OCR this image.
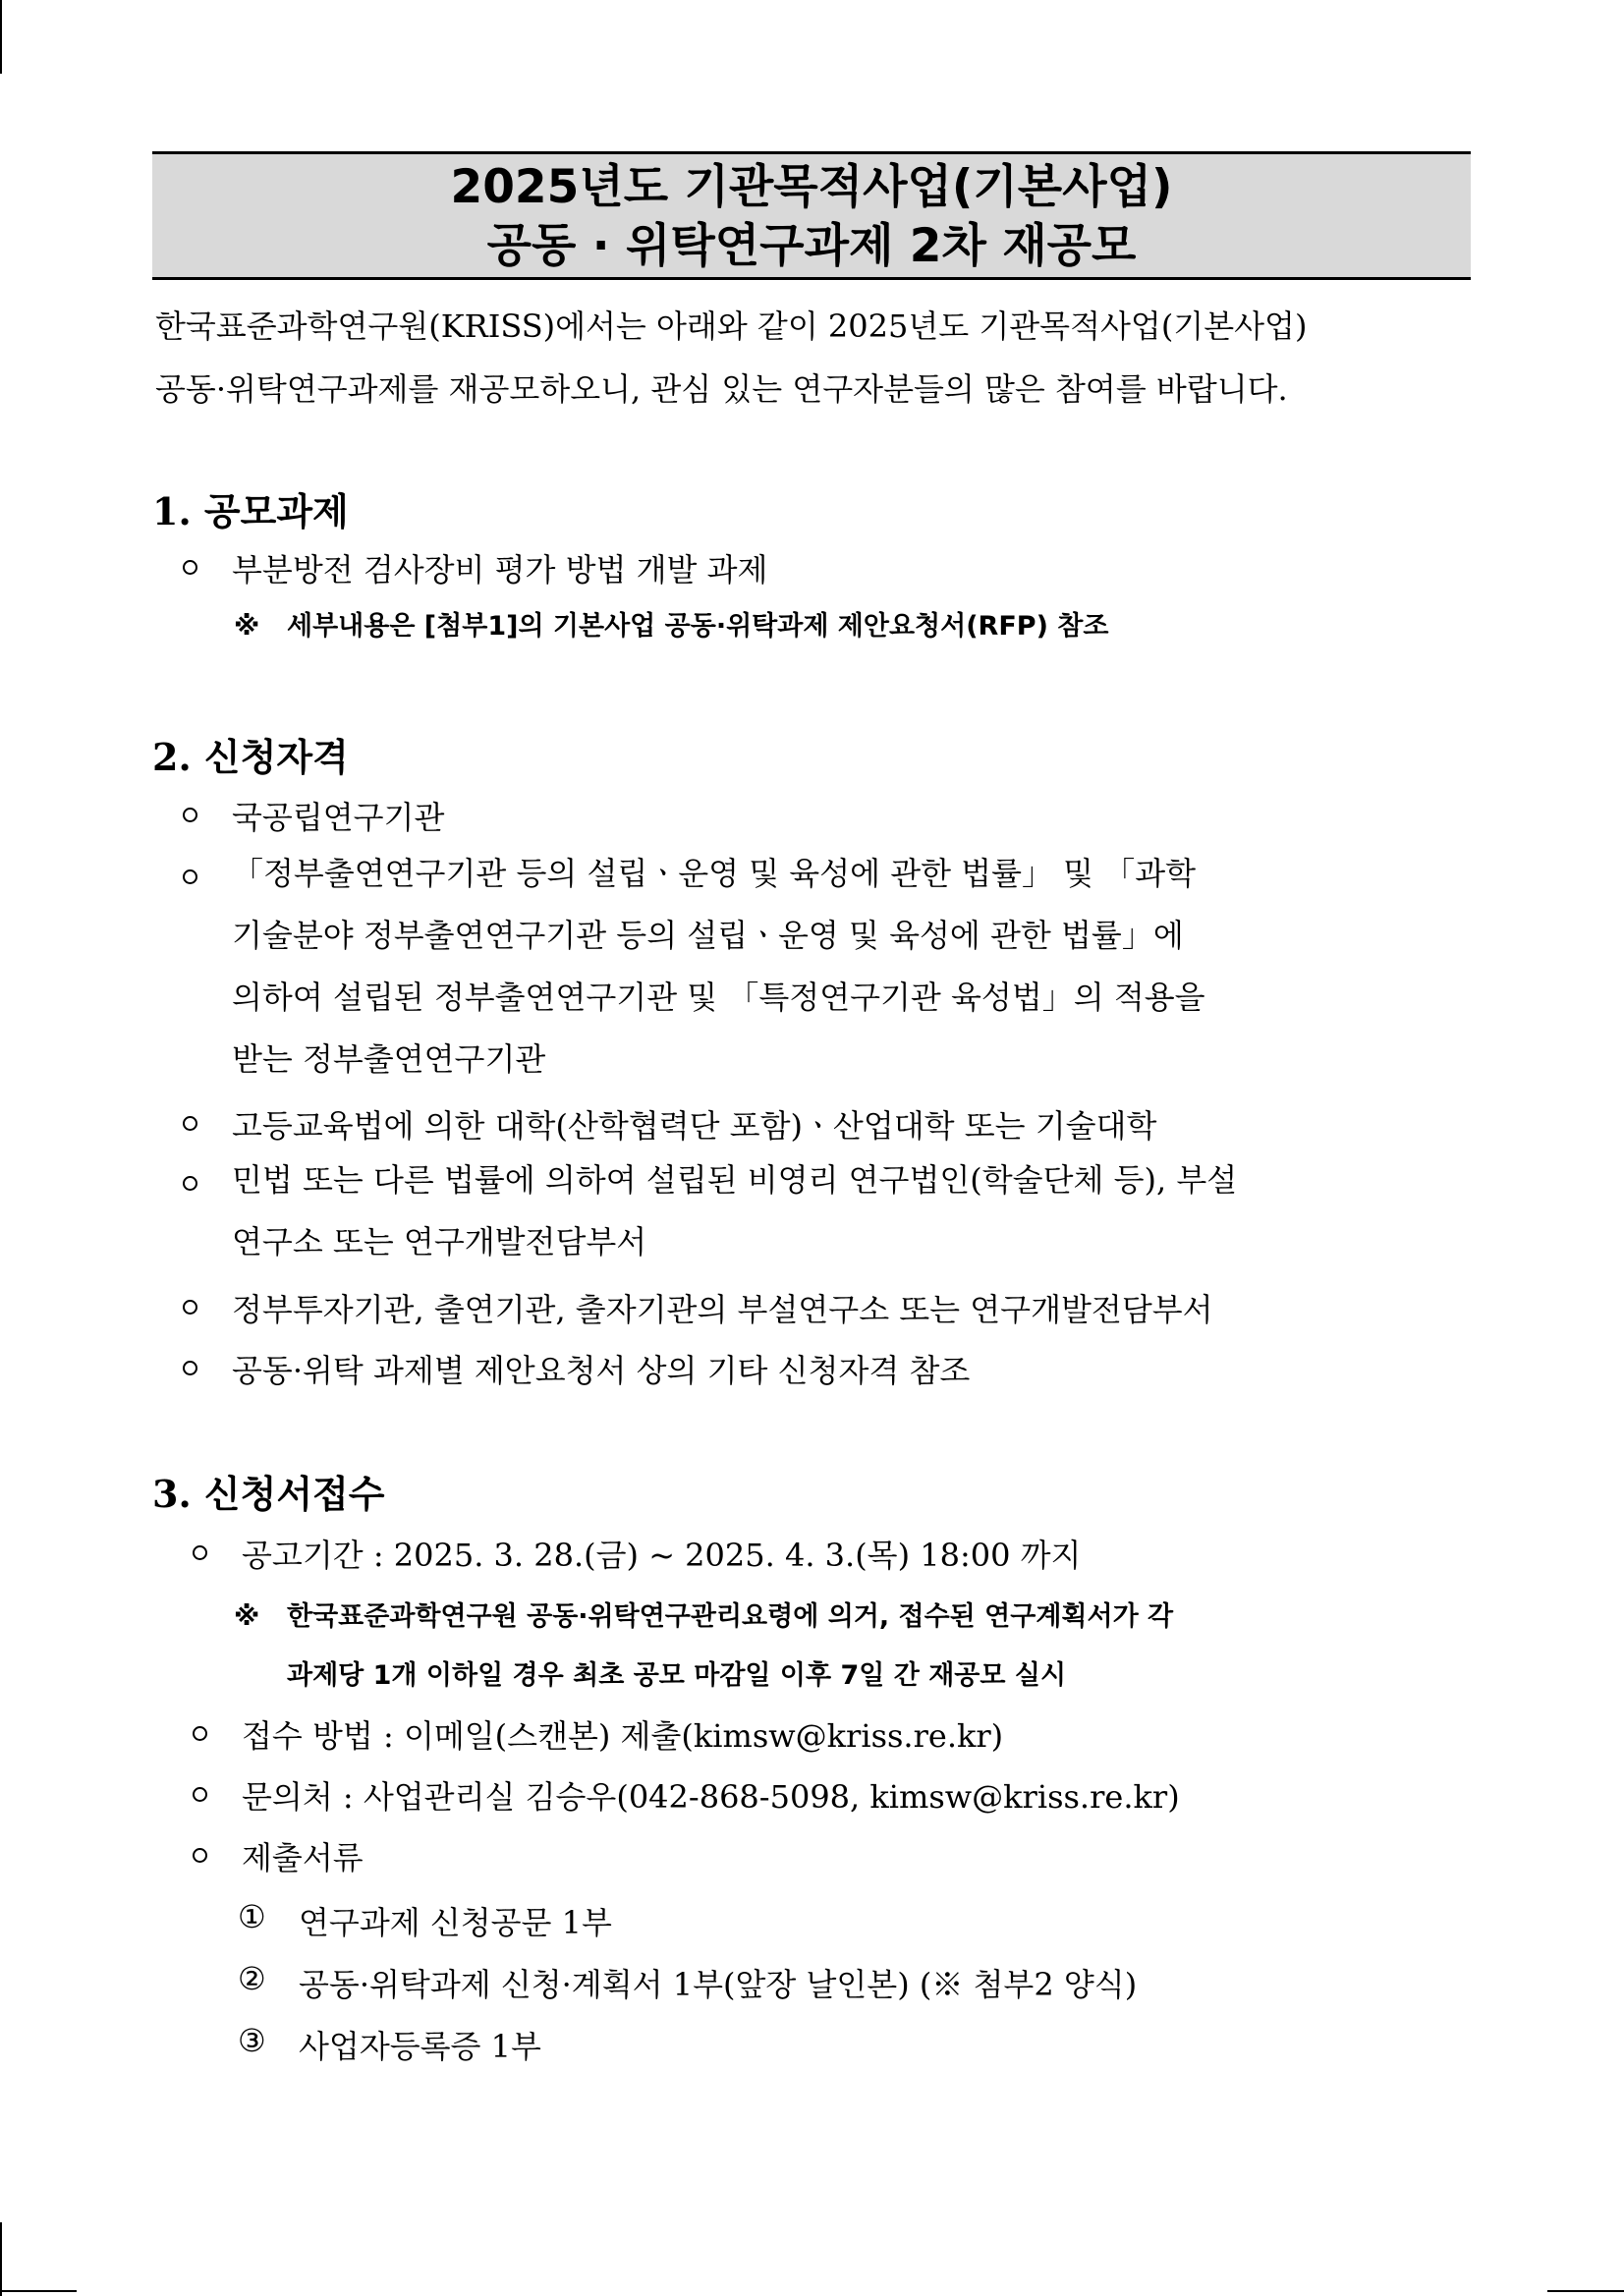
2025년도 기관목적사업(기본사업)
공동 · 위탁연구과제 2차 재공모
한국표준과학연구원(KRISS)에서는 아래와 같이 2025년도 기관목적사업(기본사업)
공동·위탁연구과제를 재공모하오니, 관심 있는 연구자분들의 많은 참여를 바랍니다.
1. 공모과제
부분방전 검사장비 평가 방법 개발 과제
※ 세부내용은 [첨부1]의 기본사업 공동·위탁과제 제안요청서(RFP) 참조
2. 신청자격
국공립연구기관
「정부출연연구기관 등의 설립ㆍ운영 및 육성에 관한 법률」 및 「과학
기술분야 정부출연연구기관 등의 설립ㆍ운영 및 육성에 관한 법률」에
의하여 설립된 정부출연연구기관 및 「특정연구기관 육성법」의 적용을
받는 정부출연연구기관
고등교육법에 의한 대학(산학협력단 포함)ㆍ산업대학 또는 기술대학
민법 또는 다른 법률에 의하여 설립된 비영리 연구법인(학술단체 등), 부설
연구소 또는 연구개발전담부서
정부투자기관, 출연기관, 출자기관의 부설연구소 또는 연구개발전담부서
공동·위탁 과제별 제안요청서 상의 기타 신청자격 참조
3. 신청서접수
공고기간 : 2025. 3. 28.(금) ~ 2025. 4. 3.(목) 18:00 까지
※ 한국표준과학연구원 공동·위탁연구관리요령에 의거, 접수된 연구계획서가 각
과제당 1개 이하일 경우 최초 공모 마감일 이후 7일 간 재공모 실시
접수 방법 : 이메일(스캔본) 제출(kimsw@kriss.re.kr)
문의처 : 사업관리실 김승우(042-868-5098, kimsw@kriss.re.kr)
제출서류
① 연구과제 신청공문 1부
② 공동·위탁과제 신청·계획서 1부(앞장 날인본) (※ 첨부2 양식)
③ 사업자등록증 1부
